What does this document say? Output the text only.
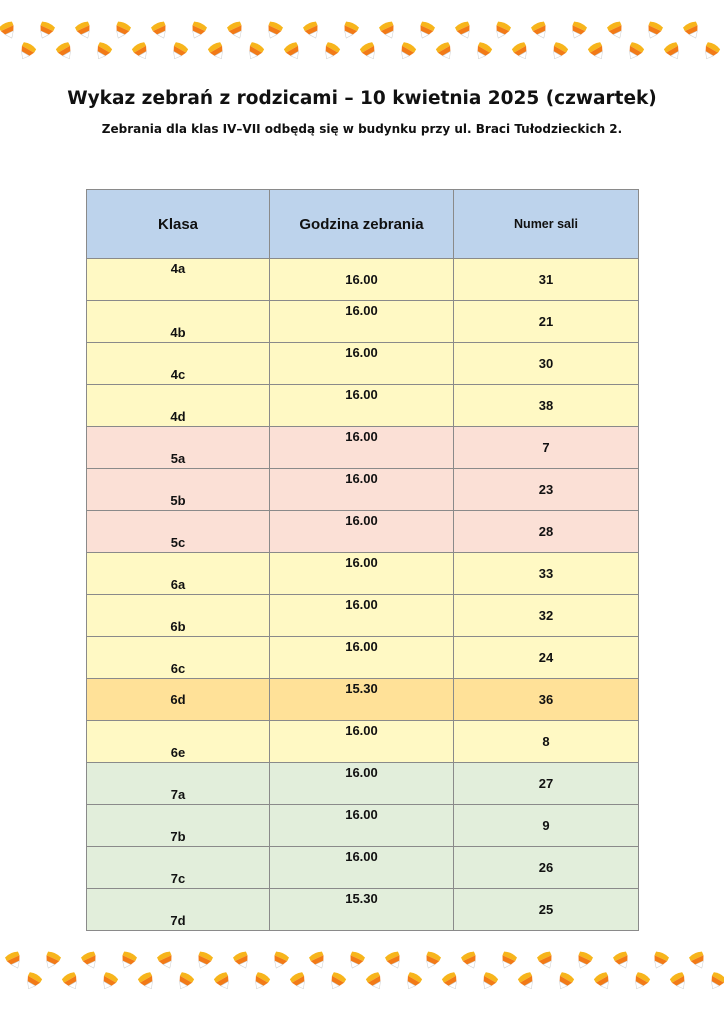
Wykaz zebrań z rodzicami – 10 kwietnia 2025 (czwartek)
Zebrania dla klas IV–VII odbędą się w budynku przy ul. Braci Tułodzieckich 2.
Klasa	Godzina zebrania	Numer sali

4a	16.00	31

4b	16.00	21

4c	16.00	30

4d	16.00	38

5a	16.00	7

5b	16.00	23

5c	16.00	28

6a	16.00	33

6b	16.00	32

6c	16.00	24

6d	15.30	36

6e	16.00	8

7a	16.00	27

7b	16.00	9

7c	16.00	26

7d	15.30	25
